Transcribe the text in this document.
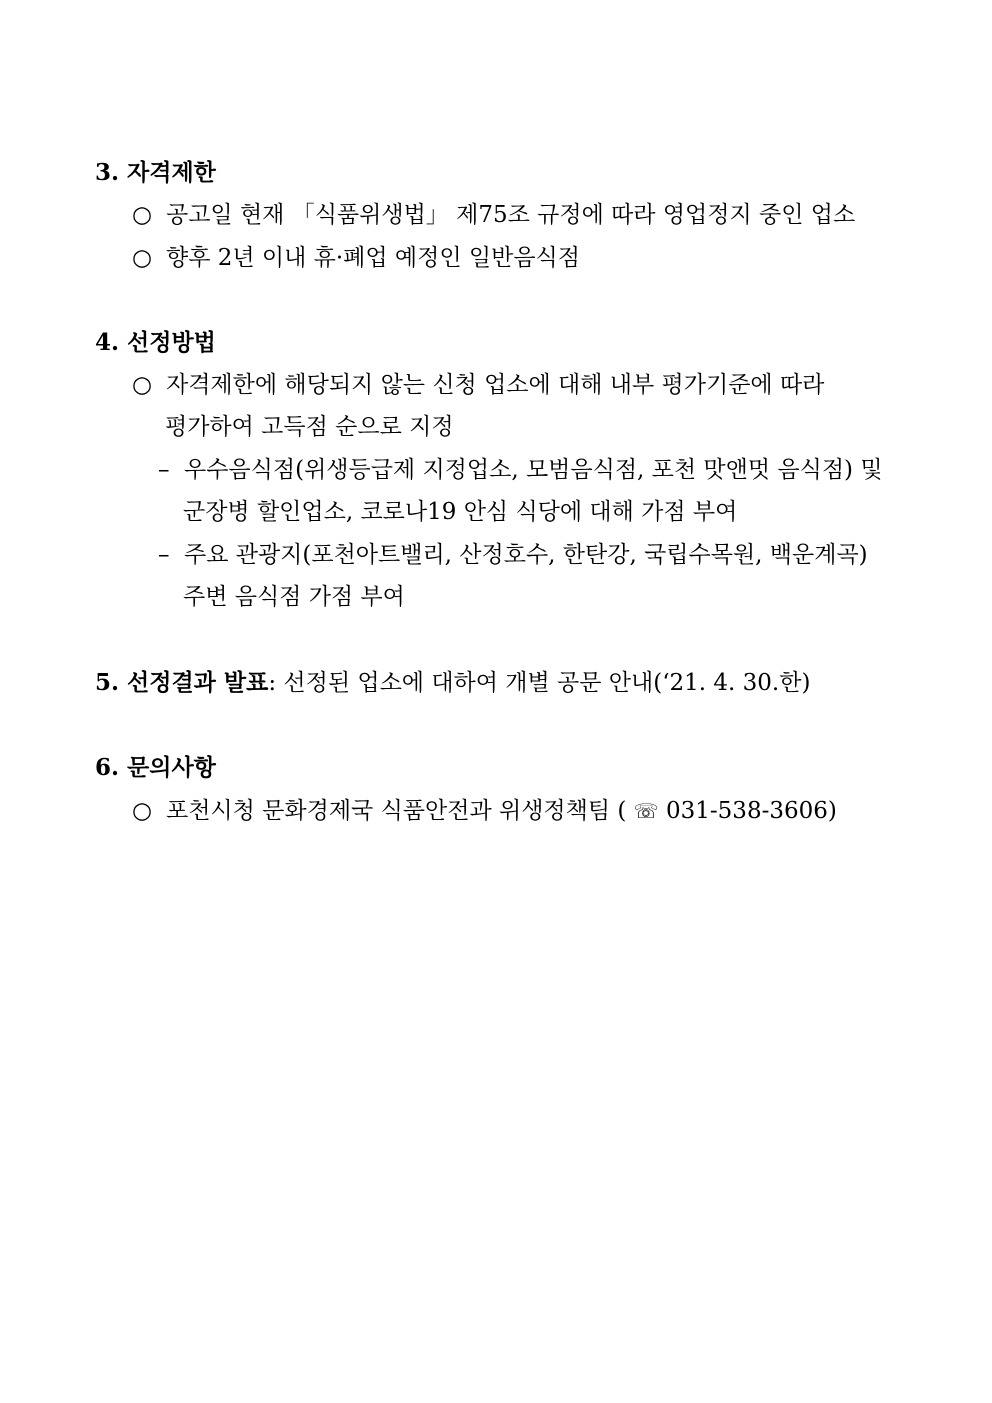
3. 자격제한
○ 공고일 현재 「식품위생법」 제75조 규정에 따라 영업정지 중인 업소
○ 향후 2년 이내 휴·폐업 예정인 일반음식점
4. 선정방법
○ 자격제한에 해당되지 않는 신청 업소에 대해 내부 평가기준에 따라
평가하여 고득점 순으로 지정
– 우수음식점(위생등급제 지정업소, 모범음식점, 포천 맛앤멋 음식점) 및
군장병 할인업소, 코로나19 안심 식당에 대해 가점 부여
– 주요 관광지(포천아트밸리, 산정호수, 한탄강, 국립수목원, 백운계곡)
주변 음식점 가점 부여
5. 선정결과 발표: 선정된 업소에 대하여 개별 공문 안내(‘21. 4. 30.한)
6. 문의사항
○ 포천시청 문화경제국 식품안전과 위생정책팀 ( ☏ 031-538-3606)
